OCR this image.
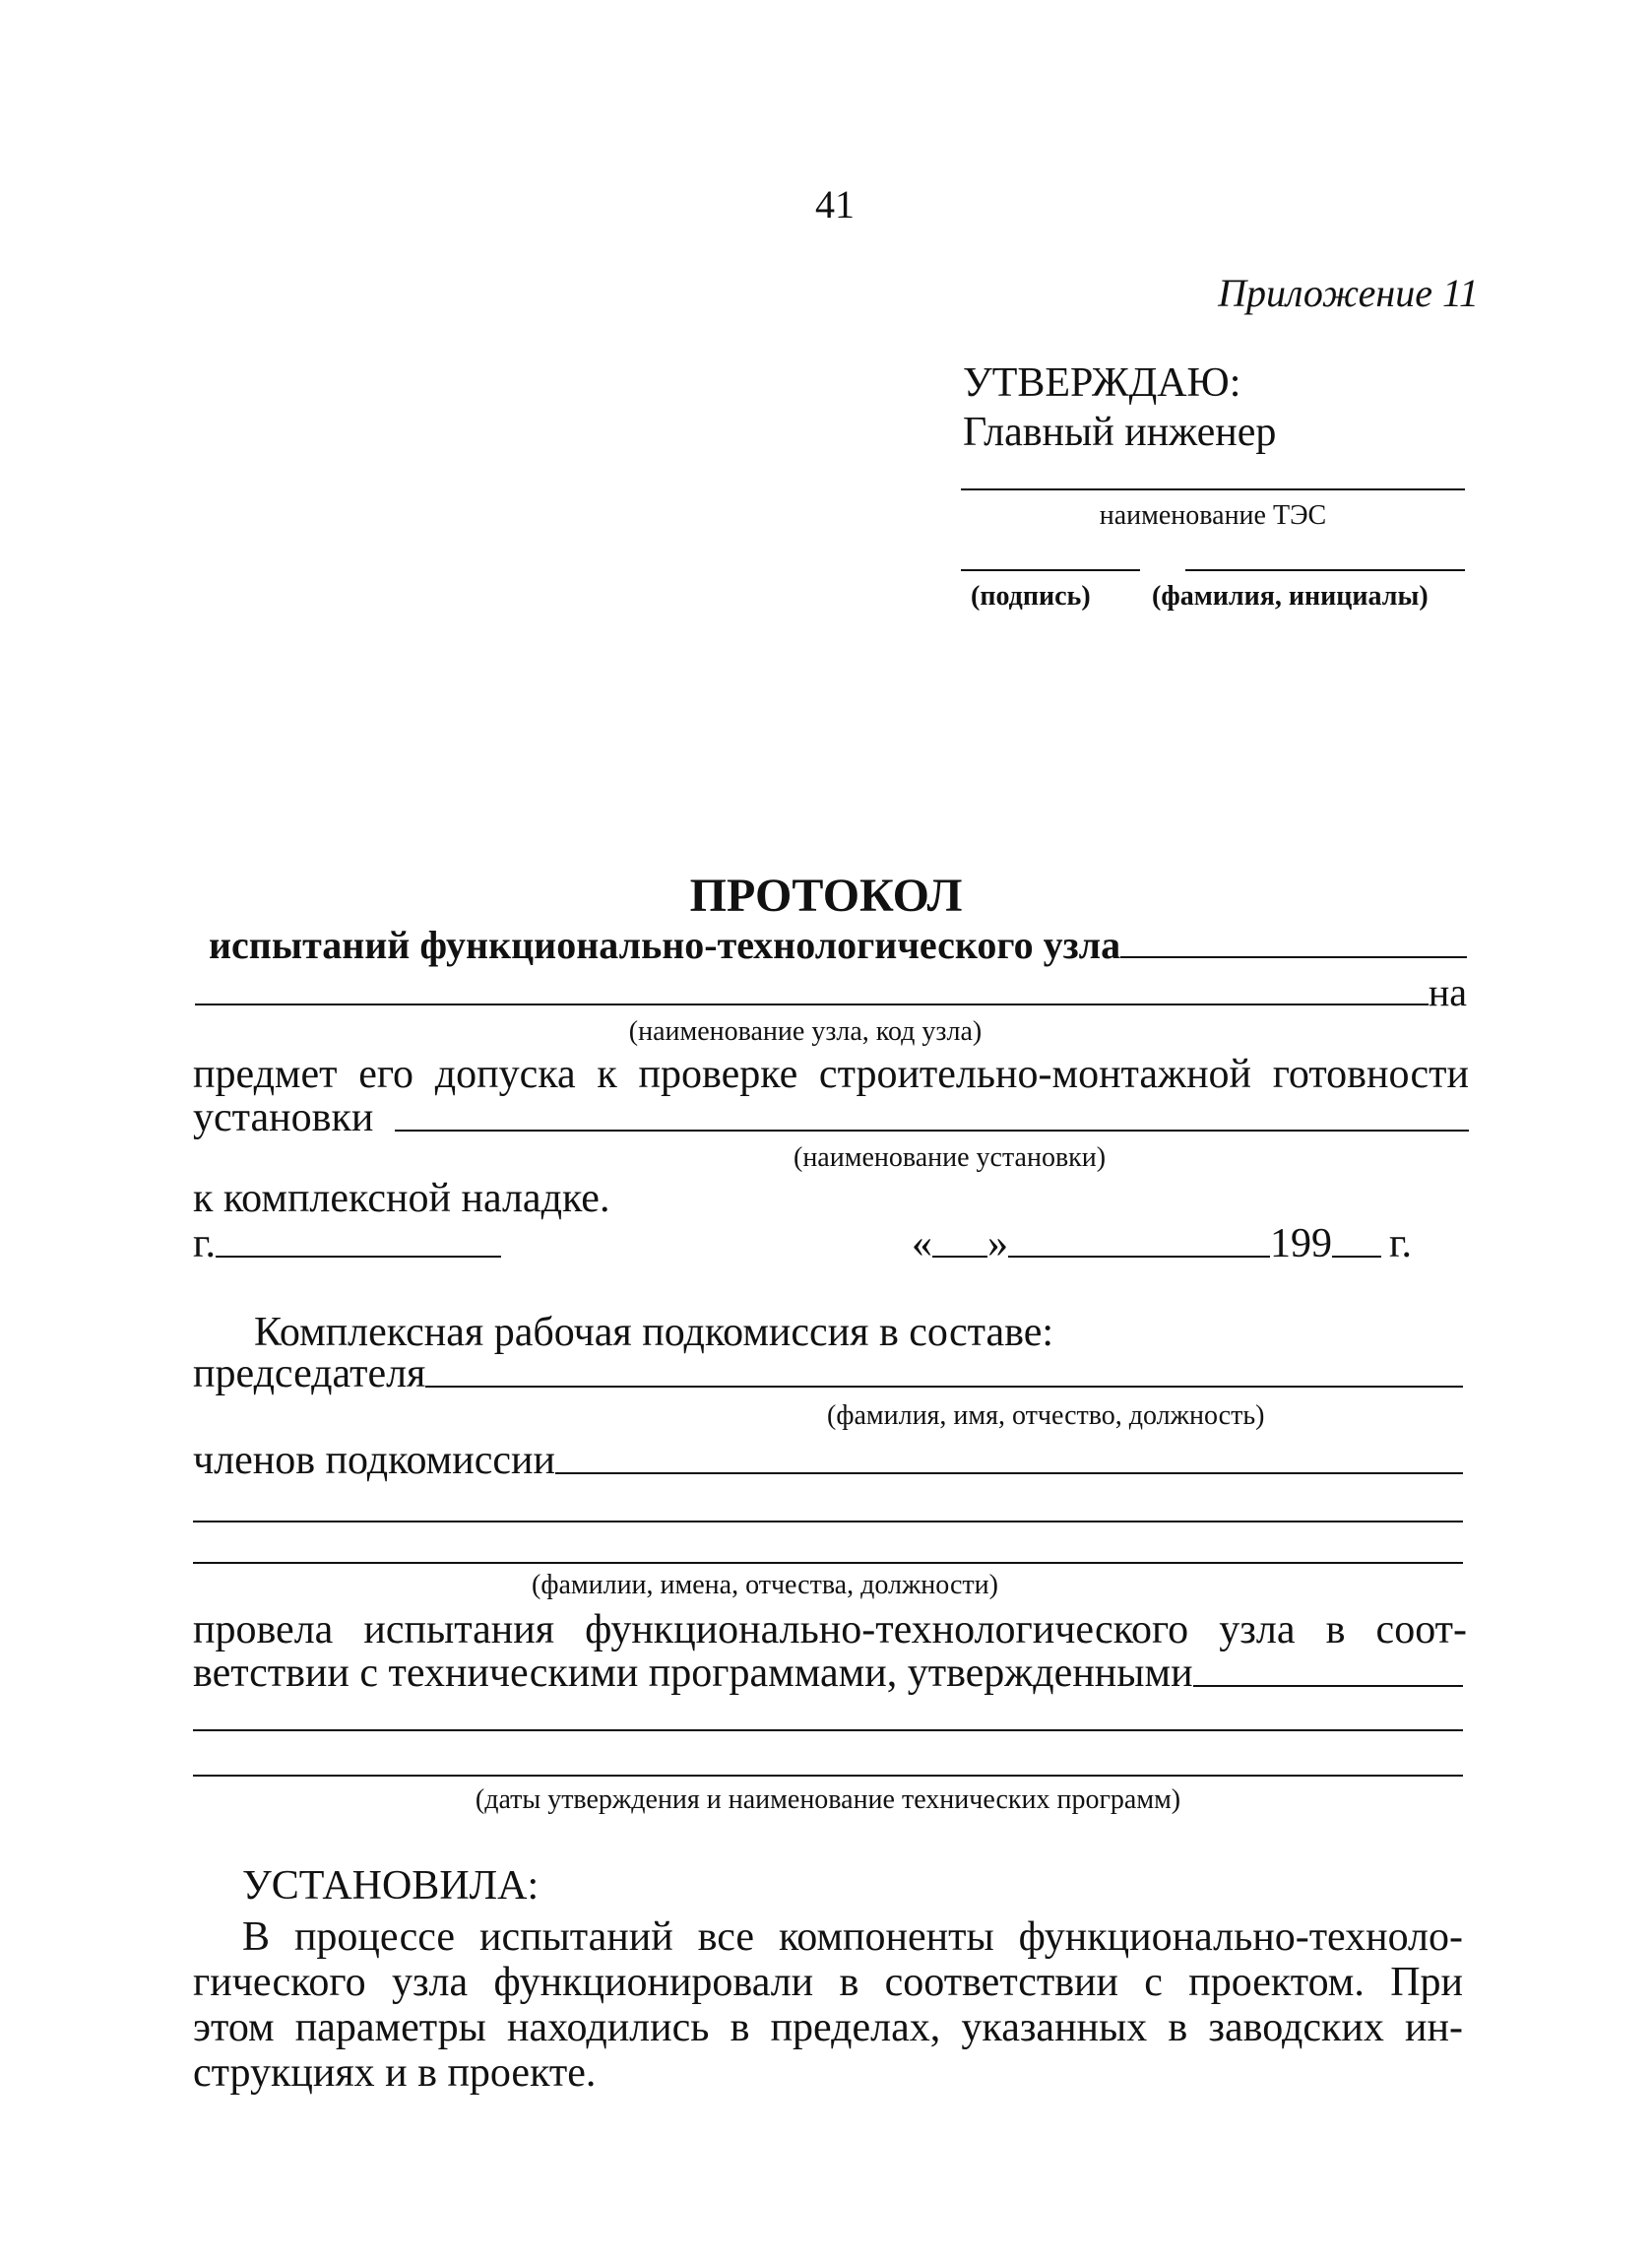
41
Приложение 11
УТВЕРЖДАЮ:
Главный инженер
наименование ТЭС
(подпись) (фамилия, инициалы)
ПРОТОКОЛ
испытаний функционально-технологического узла
на
(наименование узла, код узла)
предмет его допуска к проверке строительно-монтажной готовности
установки
(наименование установки)
к комплексной наладке.
г.	« »	199 г.
Комплексная рабочая подкомиссия в составе:
председателя
(фамилия, имя, отчество, должность)
членов подкомиссии
(фамилии, имена, отчества, должности)
провела испытания функционально-технологического узла в соот-
ветствии с техническими программами, утвержденными
(даты утверждения и наименование технических программ)
УСТАНОВИЛА:
В процессе испытаний все компоненты функционально-техноло-
гического узла функционировали в соответствии с проектом. При
этом параметры находились в пределах, указанных в заводских ин-
струкциях и в проекте.
